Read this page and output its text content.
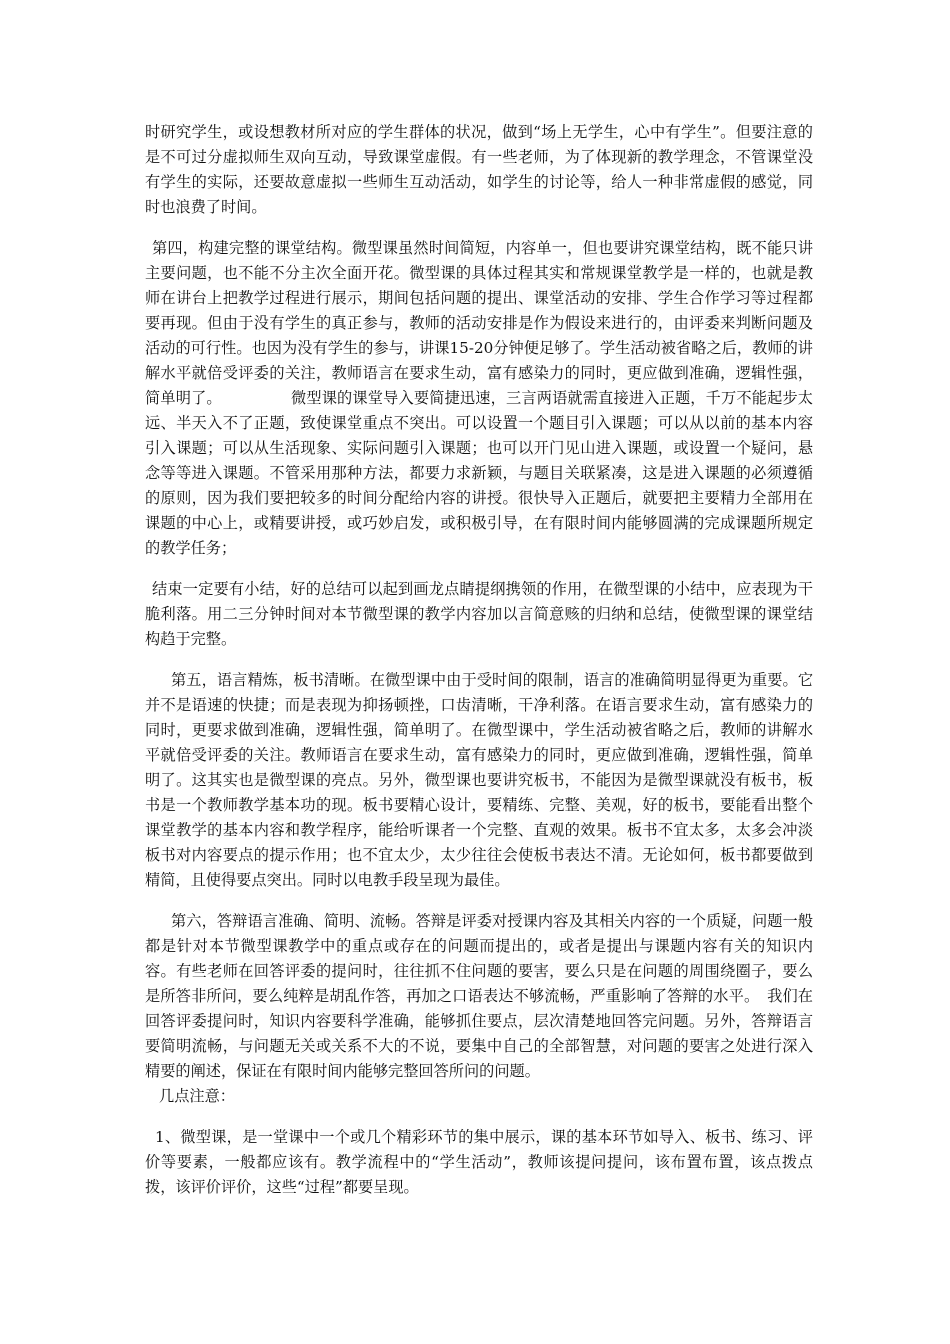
时研究学生，或设想教材所对应的学生群体的状况，做到“场上无学生，心中有学生”。但要注意的是不可过分虚拟师生双向互动，导致课堂虚假。有一些老师，为了体现新的教学理念，不管课堂没有学生的实际，还要故意虚拟一些师生互动活动，如学生的讨论等，给人一种非常虚假的感觉，同时也浪费了时间。

第四，构建完整的课堂结构。微型课虽然时间简短，内容单一，但也要讲究课堂结构，既不能只讲主要问题，也不能不分主次全面开花。微型课的具体过程其实和常规课堂教学是一样的，也就是教师在讲台上把教学过程进行展示，期间包括问题的提出、课堂活动的安排、学生合作学习等过程都要再现。但由于没有学生的真正参与，教师的活动安排是作为假设来进行的，由评委来判断问题及活动的可行性。也因为没有学生的参与，讲课15-20分钟便足够了。学生活动被省略之后，教师的讲解水平就倍受评委的关注，教师语言在要求生动，富有感染力的同时，更应做到准确，逻辑性强，简单明了。　　　　　微型课的课堂导入要简捷迅速，三言两语就需直接进入正题，千万不能起步太远、半天入不了正题，致使课堂重点不突出。可以设置一个题目引入课题；可以从以前的基本内容引入课题；可以从生活现象、实际问题引入课题；也可以开门见山进入课题，或设置一个疑问，悬念等等进入课题。不管采用那种方法，都要力求新颖，与题目关联紧凑，这是进入课题的必须遵循的原则，因为我们要把较多的时间分配给内容的讲授。很快导入正题后，就要把主要精力全部用在课题的中心上，或精要讲授，或巧妙启发，或积极引导，在有限时间内能够圆满的完成课题所规定的教学任务；

结束一定要有小结，好的总结可以起到画龙点睛提纲携领的作用，在微型课的小结中，应表现为干脆利落。用二三分钟时间对本节微型课的教学内容加以言简意赅的归纳和总结，使微型课的课堂结构趋于完整。

第五，语言精炼，板书清晰。在微型课中由于受时间的限制，语言的准确简明显得更为重要。它并不是语速的快捷；而是表现为抑扬顿挫，口齿清晰，干净利落。在语言要求生动，富有感染力的同时，更要求做到准确，逻辑性强，简单明了。在微型课中，学生活动被省略之后，教师的讲解水平就倍受评委的关注。教师语言在要求生动，富有感染力的同时，更应做到准确，逻辑性强，简单明了。这其实也是微型课的亮点。另外，微型课也要讲究板书，不能因为是微型课就没有板书，板书是一个教师教学基本功的现。板书要精心设计，要精练、完整、美观，好的板书，要能看出整个课堂教学的基本内容和教学程序，能给听课者一个完整、直观的效果。板书不宜太多，太多会冲淡板书对内容要点的提示作用；也不宜太少，太少往往会使板书表达不清。无论如何，板书都要做到精简，且使得要点突出。同时以电教手段呈现为最佳。

第六，答辩语言准确、简明、流畅。答辩是评委对授课内容及其相关内容的一个质疑，问题一般都是针对本节微型课教学中的重点或存在的问题而提出的，或者是提出与课题内容有关的知识内容。有些老师在回答评委的提问时，往往抓不住问题的要害，要么只是在问题的周围绕圈子，要么是所答非所问，要么纯粹是胡乱作答，再加之口语表达不够流畅，严重影响了答辩的水平。　我们在回答评委提问时，知识内容要科学准确，能够抓住要点，层次清楚地回答完问题。另外，答辩语言要简明流畅，与问题无关或关系不大的不说，要集中自己的全部智慧，对问题的要害之处进行深入精要的阐述，保证在有限时间内能够完整回答所问的问题。

几点注意：

1、微型课，是一堂课中一个或几个精彩环节的集中展示，课的基本环节如导入、板书、练习、评价等要素，一般都应该有。教学流程中的“学生活动”，教师该提问提问，该布置布置，该点拨点拨，该评价评价，这些“过程”都要呈现。
